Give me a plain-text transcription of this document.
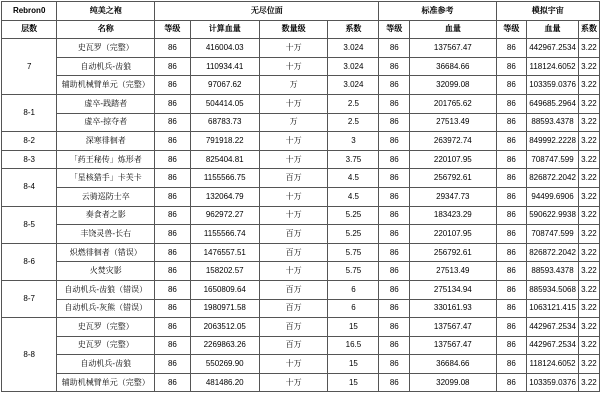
Rebron0	纯美之袍	无尽位面				标准参考		模拟宇宙		
层数	名称	等级	计算血量	数量级	系数	等级	血量	等级	血量	系数
7	史瓦罗（完整）	86	416004.03	十万	3.024	86	137567.47	86	442967.2534	3.22
	自动机兵-齿狼	86	110934.41	十万	3.024	86	36684.66	86	118124.6052	3.22
	辅助机械臂单元（完整）	86	97067.62	万	3.024	86	32099.08	86	103359.0376	3.22
8-1	虚卒-践踏者	86	504414.05	十万	2.5	86	201765.62	86	649685.2964	3.22
	虚卒-掠夺者	86	68783.73	万	2.5	86	27513.49	86	88593.4378	3.22
8-2	深寒徘徊者	86	791918.22	十万	3	86	263972.74	86	849992.2228	3.22
8-3	「药王秘传」炼形者	86	825404.81	十万	3.75	86	220107.95	86	708747.599	3.22
8-4	「星核猎手」卡芙卡	86	1155566.75	百万	4.5	86	256792.61	86	826872.2042	3.22
	云骑巡防士卒	86	132064.79	十万	4.5	86	29347.73	86	94499.6906	3.22
8-5	奏食者之影	86	962972.27	十万	5.25	86	183423.29	86	590622.9938	3.22
	丰饶灵兽-长右	86	1155566.74	百万	5.25	86	220107.95	86	708747.599	3.22
8-6	炽燃徘徊者（错误）	86	1476557.51	百万	5.75	86	256792.61	86	826872.2042	3.22
	火焚灾影	86	158202.57	十万	5.75	86	27513.49	86	88593.4378	3.22
8-7	自动机兵-齿狼（错误）	86	1650809.64	百万	6	86	275134.94	86	885934.5068	3.22
	自动机兵-灰熊（错误）	86	1980971.58	百万	6	86	330161.93	86	1063121.415	3.22
8-8	史瓦罗（完整）	86	2063512.05	百万	15	86	137567.47	86	442967.2534	3.22
	史瓦罗（完整）	86	2269863.26	百万	16.5	86	137567.47	86	442967.2534	3.22
	自动机兵-齿狼	86	550269.90	十万	15	86	36684.66	86	118124.6052	3.22
	辅助机械臂单元（完整）	86	481486.20	十万	15	86	32099.08	86	103359.0376	3.22
